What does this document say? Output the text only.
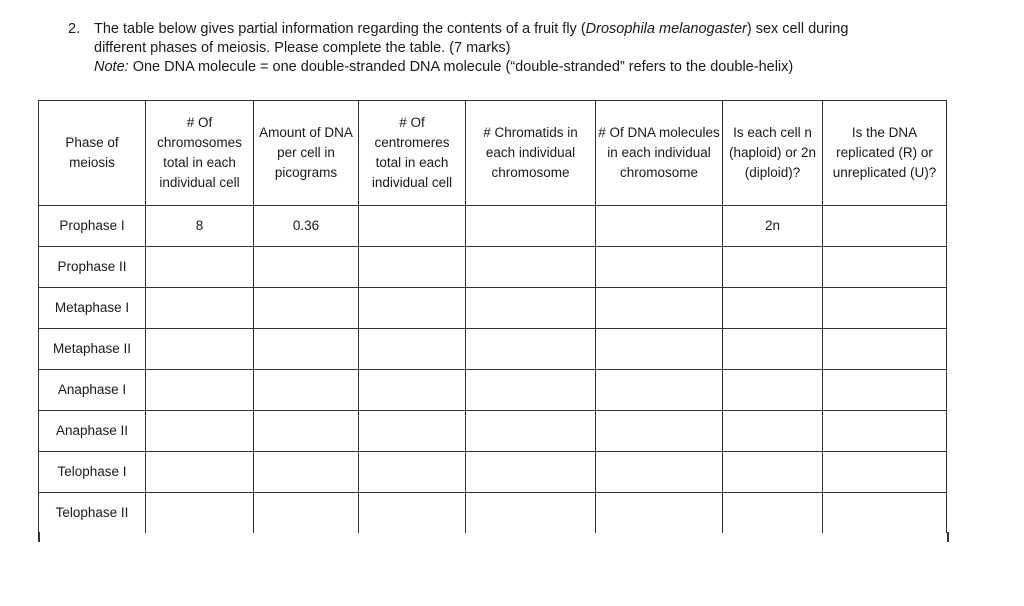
2. The table below gives partial information regarding the contents of a fruit fly (Drosophila melanogaster) sex cell during
different phases of meiosis. Please complete the table. (7 marks)
Note: One DNA molecule = one double-stranded DNA molecule (“double-stranded” refers to the double-helix)
Phase of meiosis	# Of chromosomes total in each individual cell	Amount of DNA per cell in picograms	# Of centromeres total in each individual cell	# Chromatids in each individual chromosome	# Of DNA molecules in each individual chromosome	Is each cell n (haploid) or 2n (diploid)?	Is the DNA replicated (R) or unreplicated (U)?
Prophase I	8	0.36				2n	
Prophase II							
Metaphase I							
Metaphase II							
Anaphase I							
Anaphase II							
Telophase I							
Telophase II							
